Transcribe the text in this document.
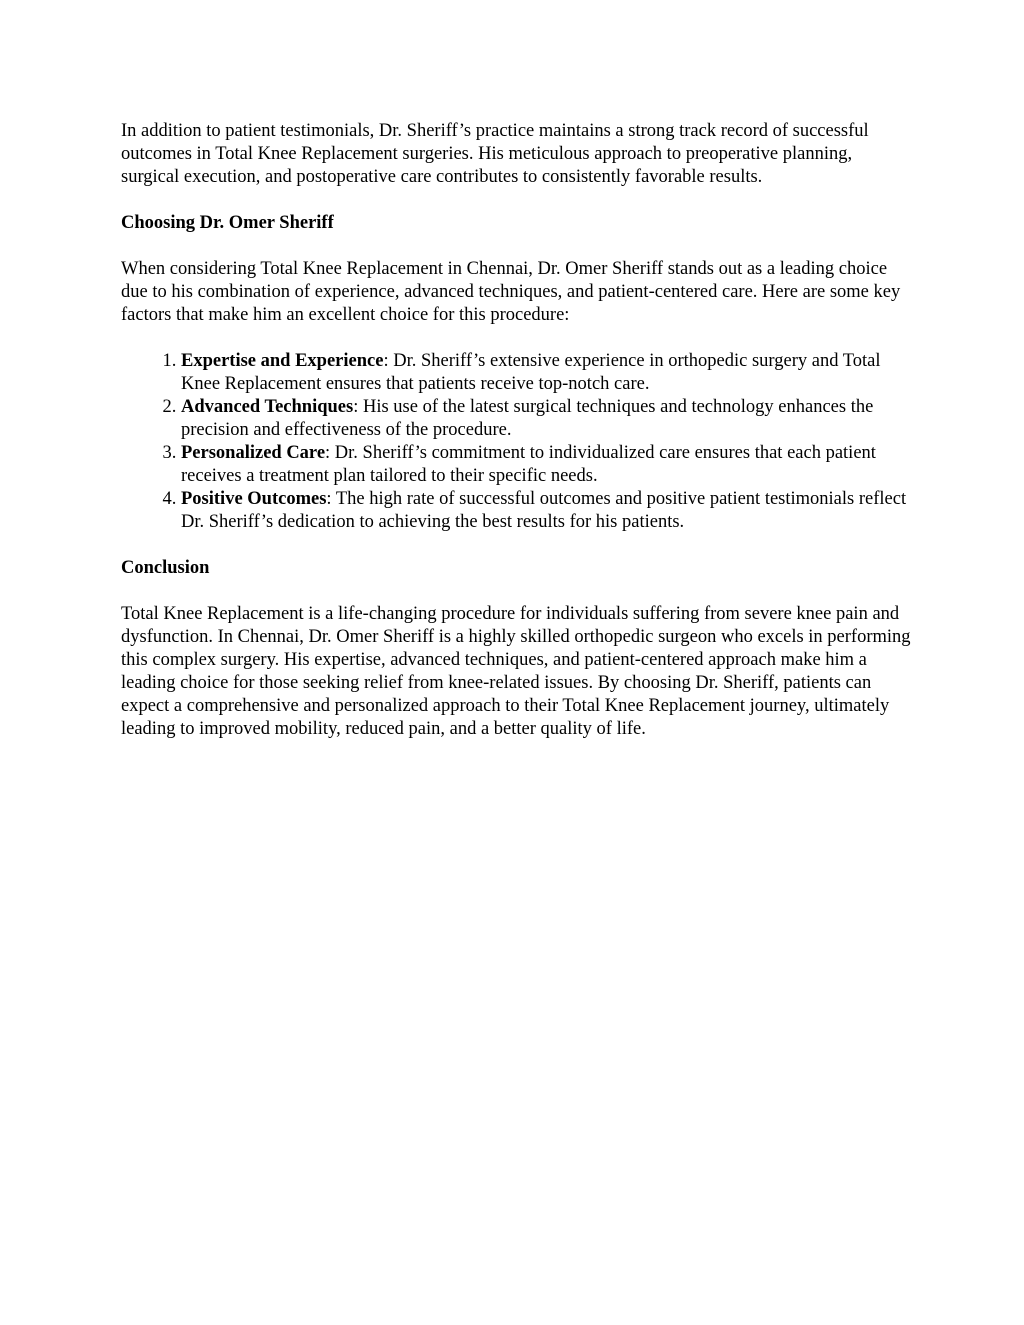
In addition to patient testimonials, Dr. Sheriff’s practice maintains a strong track record of successful outcomes in Total Knee Replacement surgeries. His meticulous approach to preoperative planning, surgical execution, and postoperative care contributes to consistently favorable results.

Choosing Dr. Omer Sheriff

When considering Total Knee Replacement in Chennai, Dr. Omer Sheriff stands out as a leading choice due to his combination of experience, advanced techniques, and patient-centered care. Here are some key factors that make him an excellent choice for this procedure:

1. Expertise and Experience: Dr. Sheriff’s extensive experience in orthopedic surgery and Total Knee Replacement ensures that patients receive top-notch care.
2. Advanced Techniques: His use of the latest surgical techniques and technology enhances the precision and effectiveness of the procedure.
3. Personalized Care: Dr. Sheriff’s commitment to individualized care ensures that each patient receives a treatment plan tailored to their specific needs.
4. Positive Outcomes: The high rate of successful outcomes and positive patient testimonials reflect Dr. Sheriff’s dedication to achieving the best results for his patients.

Conclusion

Total Knee Replacement is a life-changing procedure for individuals suffering from severe knee pain and dysfunction. In Chennai, Dr. Omer Sheriff is a highly skilled orthopedic surgeon who excels in performing this complex surgery. His expertise, advanced techniques, and patient-centered approach make him a leading choice for those seeking relief from knee-related issues. By choosing Dr. Sheriff, patients can expect a comprehensive and personalized approach to their Total Knee Replacement journey, ultimately leading to improved mobility, reduced pain, and a better quality of life.
